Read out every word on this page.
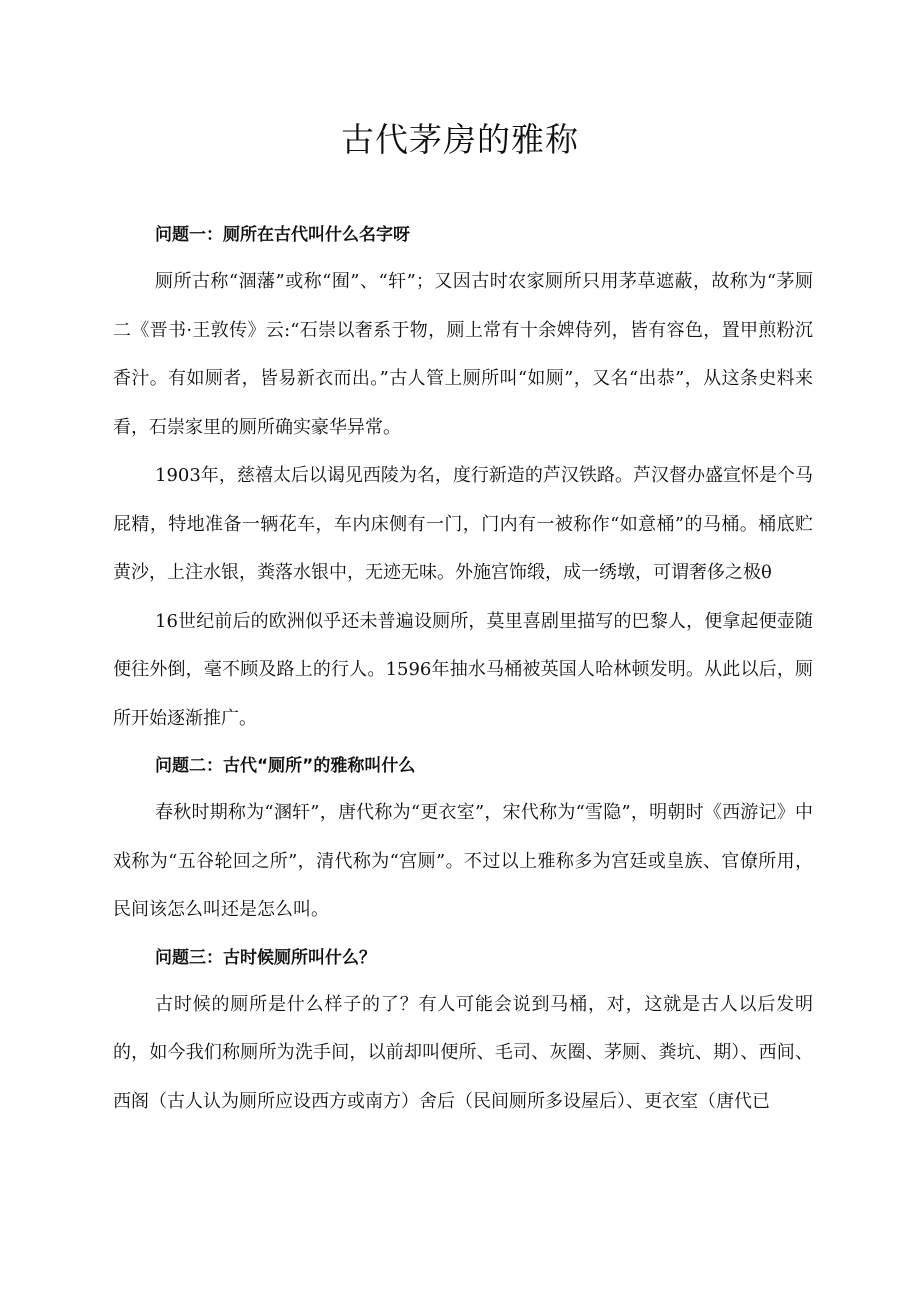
古代茅房的雅称
问题一：厕所在古代叫什么名字呀

厕所古称“涸藩”或称“囿”、“轩”；又因古时农家厕所只用茅草遮蔽，故称为“茅厕二《晋书·王敦传》云:“石崇以奢系于物，厕上常有十余婢侍列，皆有容色，置甲煎粉沉香汁。有如厕者，皆易新衣而出。”古人管上厕所叫“如厕”，又名“出恭”，从这条史料来看，石崇家里的厕所确实豪华异常。

1903年，慈禧太后以谒见西陵为名，度行新造的芦汉铁路。芦汉督办盛宣怀是个马屁精，特地准备一辆花车，车内床侧有一门，门内有一被称作“如意桶”的马桶。桶底贮黄沙，上注水银，粪落水银中，无迹无味。外施宫饰缎，成一绣墩，可谓奢侈之极θ

16世纪前后的欧洲似乎还未普遍设厕所，莫里喜剧里描写的巴黎人，便拿起便壶随便往外倒，毫不顾及路上的行人。1596年抽水马桶被英国人哈林顿发明。从此以后，厕所开始逐渐推广。

问题二：古代“厕所”的雅称叫什么

春秋时期称为“溷轩”，唐代称为“更衣室”，宋代称为“雪隐”，明朝时《西游记》中戏称为“五谷轮回之所”，清代称为“宫厕”。不过以上雅称多为宫廷或皇族、官僚所用，民间该怎么叫还是怎么叫。

问题三：古时候厕所叫什么？

古时候的厕所是什么样子的了？有人可能会说到马桶，对，这就是古人以后发明的，如今我们称厕所为洗手间，以前却叫便所、毛司、灰圈、茅厕、粪坑、期）、西间、西阁（古人认为厕所应设西方或南方）舍后（民间厕所多设屋后）、更衣室（唐代已
